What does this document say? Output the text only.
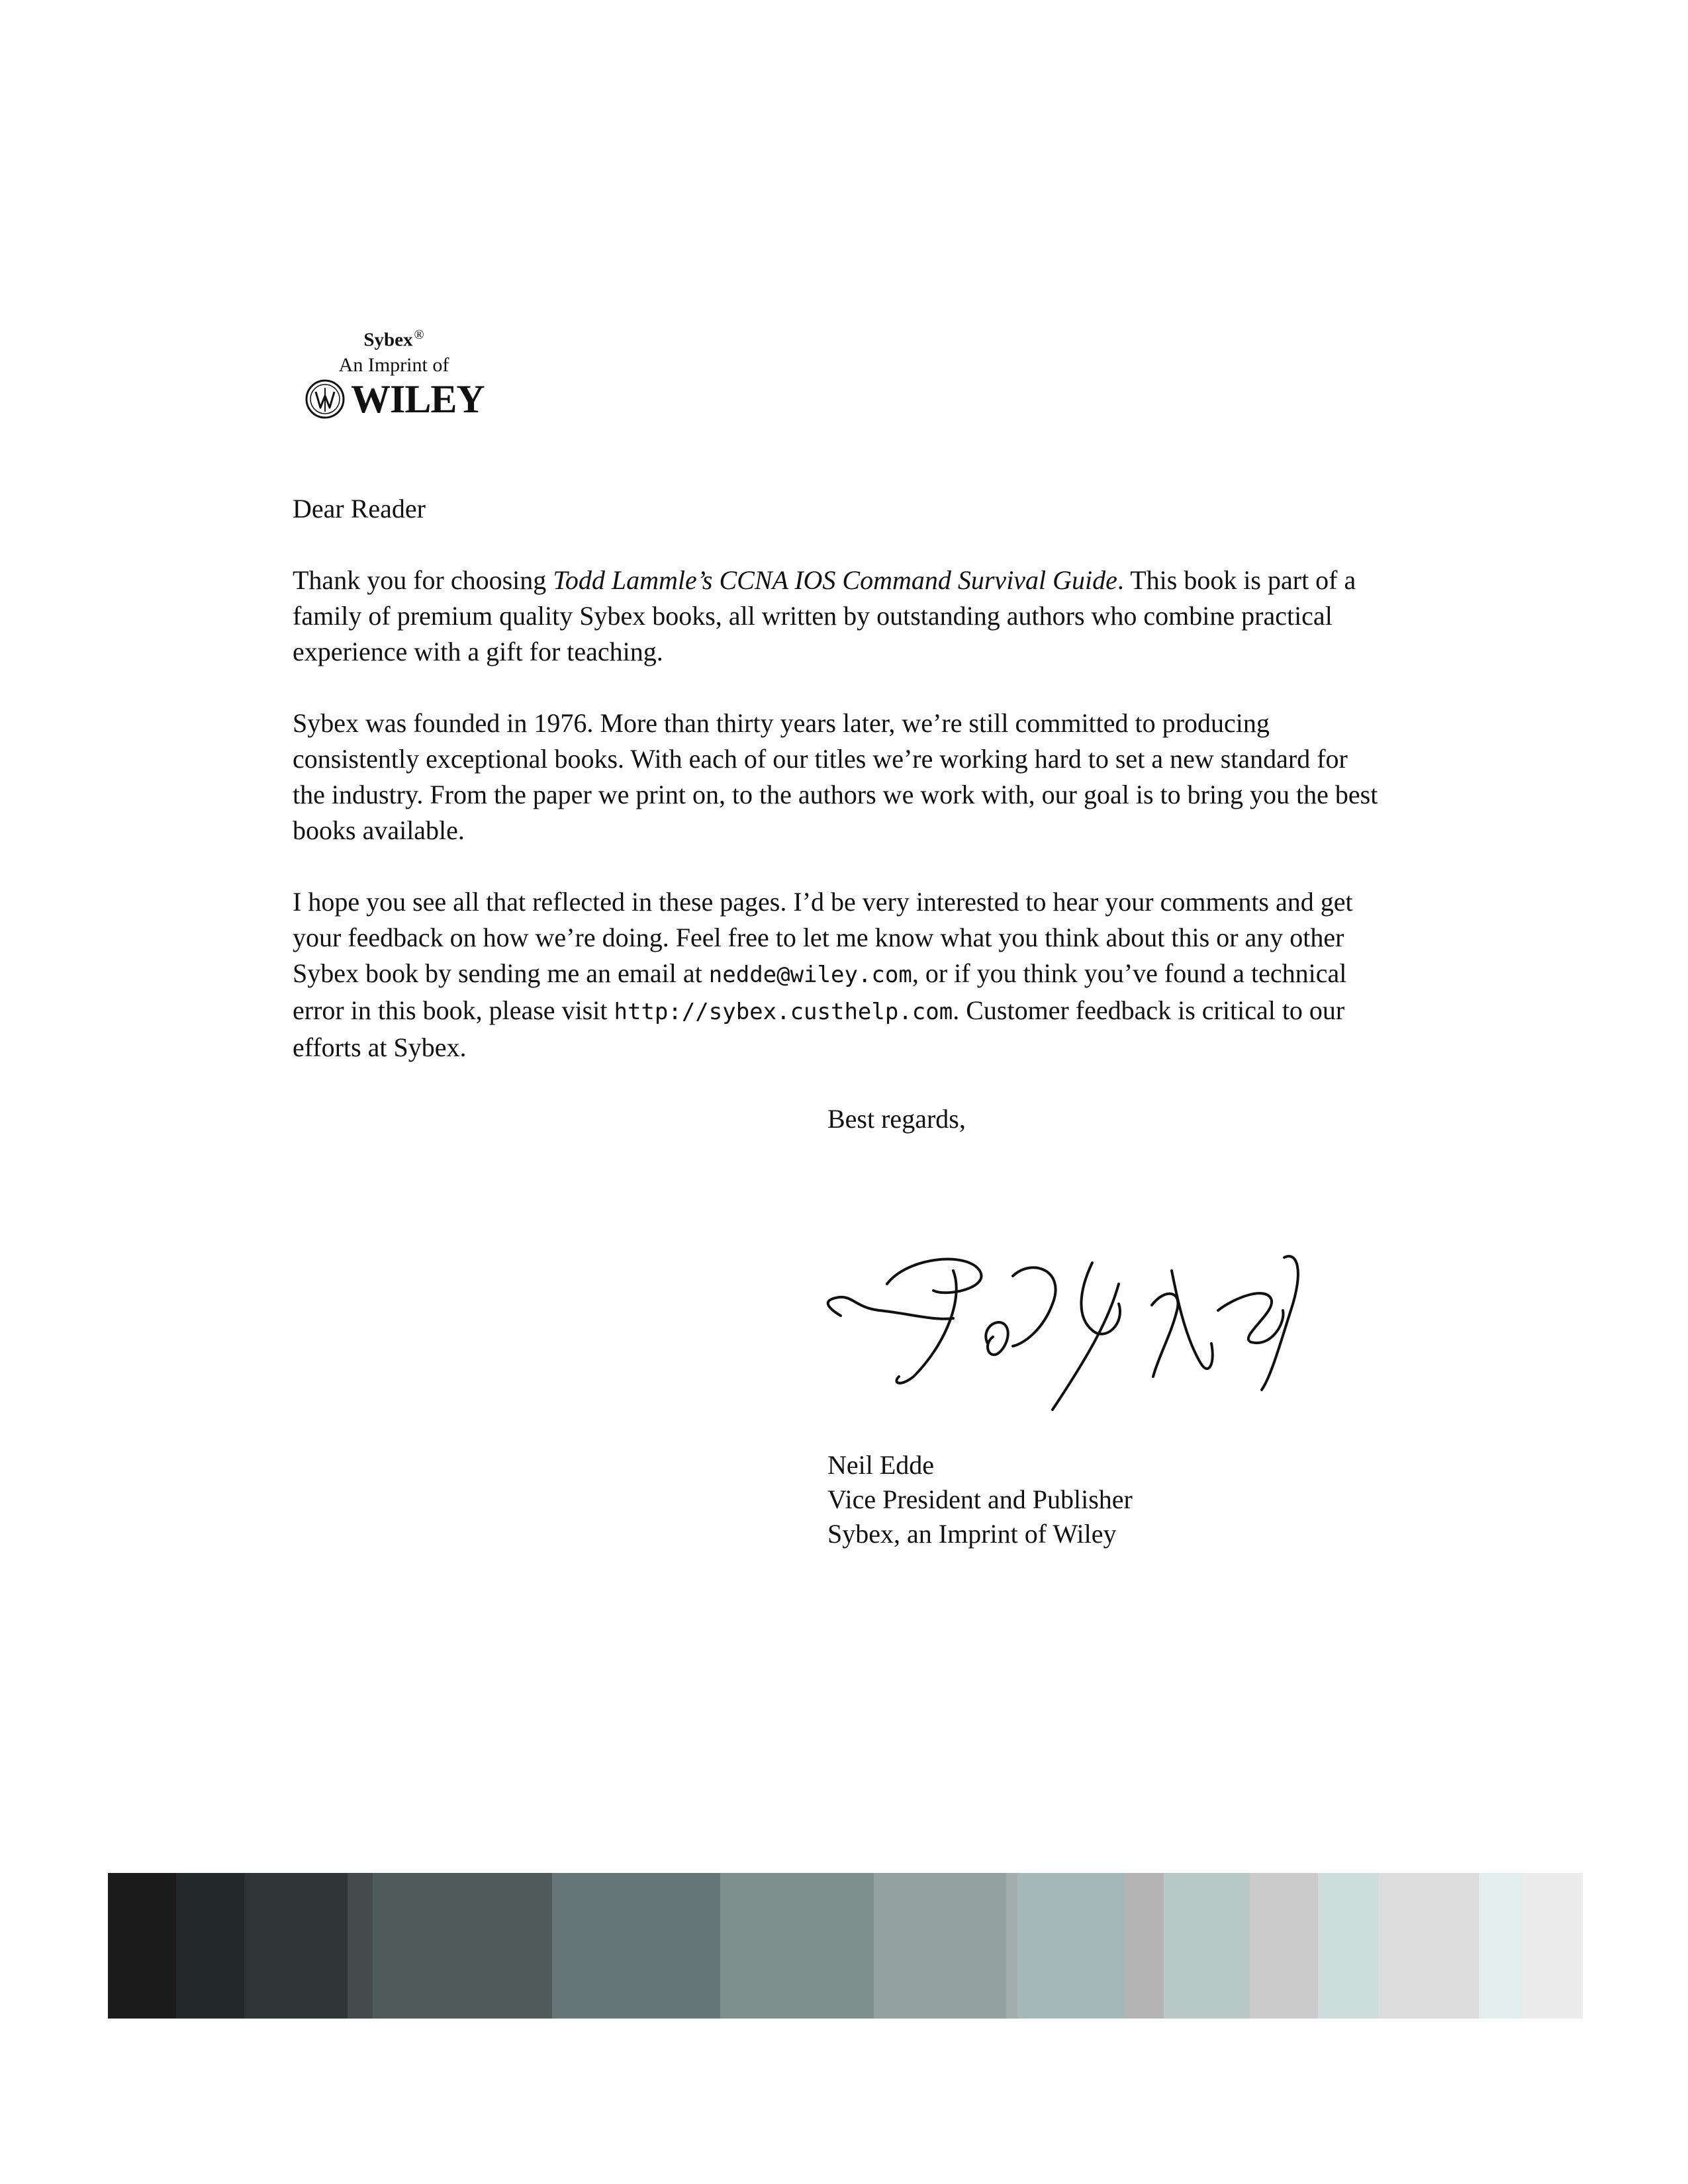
Sybex ®
An Imprint of
WILEY

Dear Reader

Thank you for choosing Todd Lammle’s CCNA IOS Command Survival Guide. This book is part of a family of premium quality Sybex books, all written by outstanding authors who combine practical experience with a gift for teaching.

Sybex was founded in 1976. More than thirty years later, we’re still committed to producing consistently exceptional books. With each of our titles we’re working hard to set a new standard for the industry. From the paper we print on, to the authors we work with, our goal is to bring you the best books available.

I hope you see all that reflected in these pages. I’d be very interested to hear your comments and get your feedback on how we’re doing. Feel free to let me know what you think about this or any other Sybex book by sending me an email at nedde@wiley.com, or if you think you’ve found a technical error in this book, please visit http://sybex.custhelp.com. Customer feedback is critical to our efforts at Sybex.

Best regards,
Neil Edde
Vice President and Publisher
Sybex, an Imprint of Wiley
